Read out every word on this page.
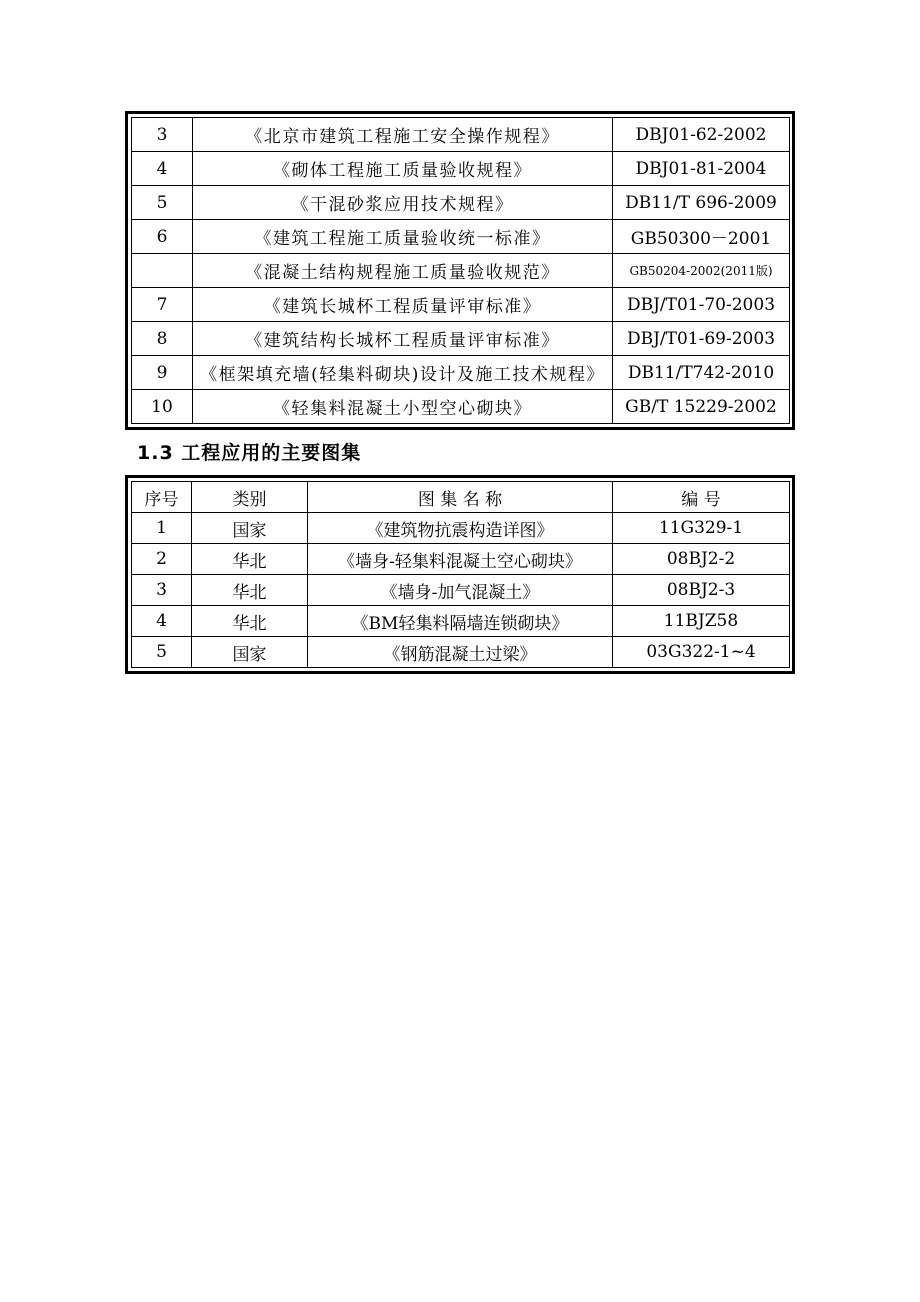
3	《北京市建筑工程施工安全操作规程》	DBJ01-62-2002
4	《砌体工程施工质量验收规程》	DBJ01-81-2004
5	《干混砂浆应用技术规程》	DB11/T 696-2009
6	《建筑工程施工质量验收统一标准》	GB50300－2001
	《混凝土结构规程施工质量验收规范》	GB50204-2002(2011版)
7	《建筑长城杯工程质量评审标准》	DBJ/T01-70-2003
8	《建筑结构长城杯工程质量评审标准》	DBJ/T01-69-2003
9	《框架填充墙(轻集料砌块)设计及施工技术规程》	DB11/T742-2010
10	《轻集料混凝土小型空心砌块》	GB/T 15229-2002
1.3 工程应用的主要图集
序号	类别	图 集 名 称	编 号
1	国家	《建筑物抗震构造详图》	11G329-1
2	华北	《墙身-轻集料混凝土空心砌块》	08BJ2-2
3	华北	《墙身-加气混凝土》	08BJ2-3
4	华北	《BM轻集料隔墙连锁砌块》	11BJZ58
5	国家	《钢筋混凝土过梁》	03G322-1~4
